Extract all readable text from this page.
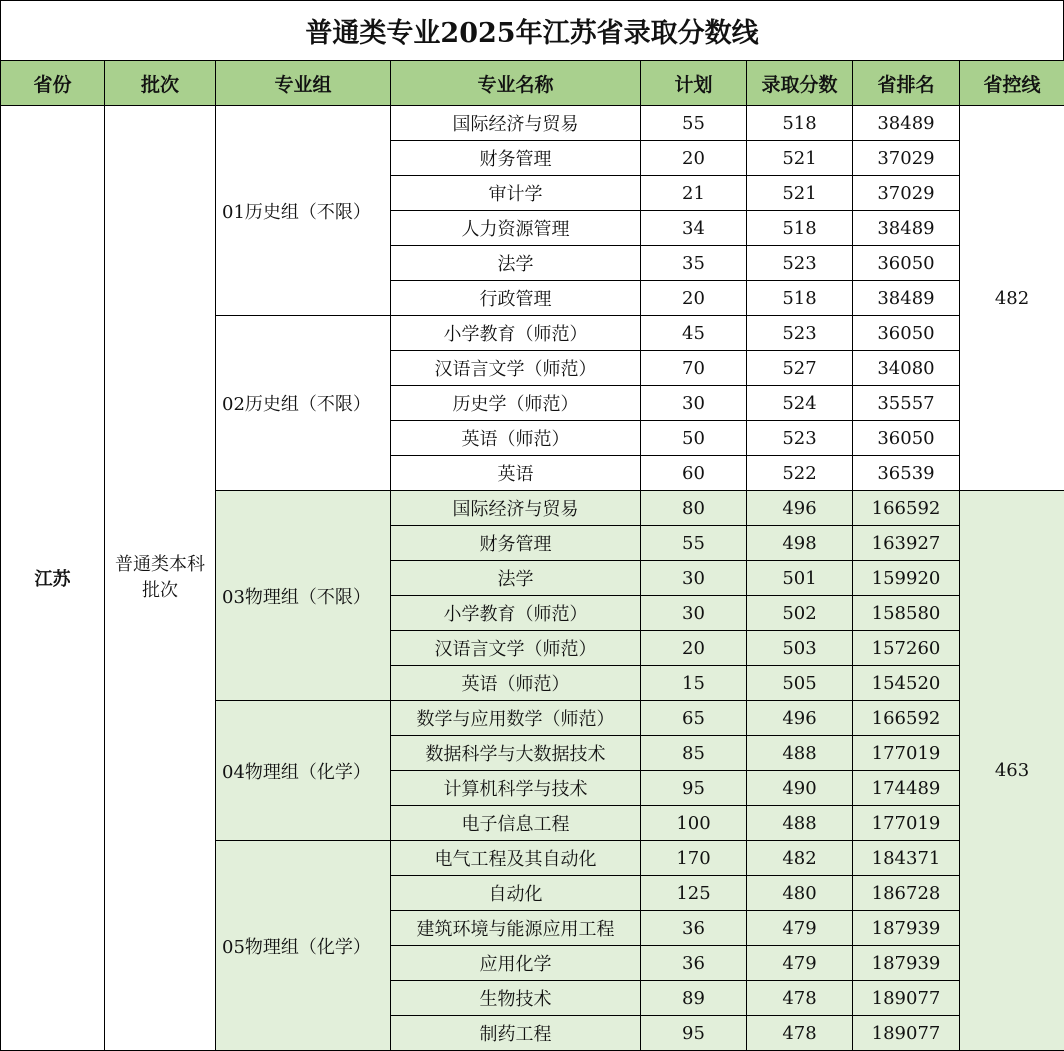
普通类专业2025年江苏省录取分数线
省份	批次	专业组	专业名称	计划	录取分数	省排名	省控线
江苏	普通类本科批次	01历史组（不限）	国际经济与贸易	55	518	38489	482
			财务管理	20	521	37029	
			审计学	21	521	37029	
			人力资源管理	34	518	38489	
			法学	35	523	36050	
			行政管理	20	518	38489	
		02历史组（不限）	小学教育（师范）	45	523	36050	
			汉语言文学（师范）	70	527	34080	
			历史学（师范）	30	524	35557	
			英语（师范）	50	523	36050	
			英语	60	522	36539	
		03物理组（不限）	国际经济与贸易	80	496	166592	463
			财务管理	55	498	163927	
			法学	30	501	159920	
			小学教育（师范）	30	502	158580	
			汉语言文学（师范）	20	503	157260	
			英语（师范）	15	505	154520	
		04物理组（化学）	数学与应用数学（师范）	65	496	166592	
			数据科学与大数据技术	85	488	177019	
			计算机科学与技术	95	490	174489	
			电子信息工程	100	488	177019	
		05物理组（化学）	电气工程及其自动化	170	482	184371	
			自动化	125	480	186728	
			建筑环境与能源应用工程	36	479	187939	
			应用化学	36	479	187939	
			生物技术	89	478	189077	
			制药工程	95	478	189077	
